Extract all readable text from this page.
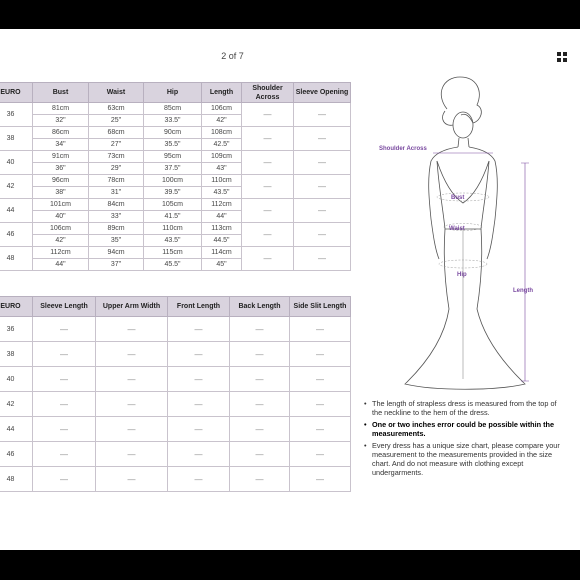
2 of 7
EURO	Bust	Waist	Hip	Length	Shoulder Across	Sleeve Opening
36	81cm	63cm	85cm	106cm	—	—
	32"	25"	33.5"	42"		
38	86cm	68cm	90cm	108cm	—	—
	34"	27"	35.5"	42.5"		
40	91cm	73cm	95cm	109cm	—	—
	36"	29"	37.5"	43"		
42	96cm	78cm	100cm	110cm	—	—
	38"	31"	39.5"	43.5"		
44	101cm	84cm	105cm	112cm	—	—
	40"	33"	41.5"	44"		
46	106cm	89cm	110cm	113cm	—	—
	42"	35"	43.5"	44.5"		
48	112cm	94cm	115cm	114cm	—	—
	44"	37"	45.5"	45"		
EURO	Sleeve Length	Upper Arm Width	Front Length	Back Length	Side Slit Length
36	—	—	—	—	—
38	—	—	—	—	—
40	—	—	—	—	—
42	—	—	—	—	—
44	—	—	—	—	—
46	—	—	—	—	—
48	—	—	—	—	—
Shoulder Across
Bust
Waist
Hip
Length
• The length of strapless dress is measured from the top of the neckline to the hem of the dress.
• One or two inches error could be possible within the measurements.
• Every dress has a unique size chart, please compare your measurement to the measurements provided in the size chart. And do not measure with clothing except undergarments.
